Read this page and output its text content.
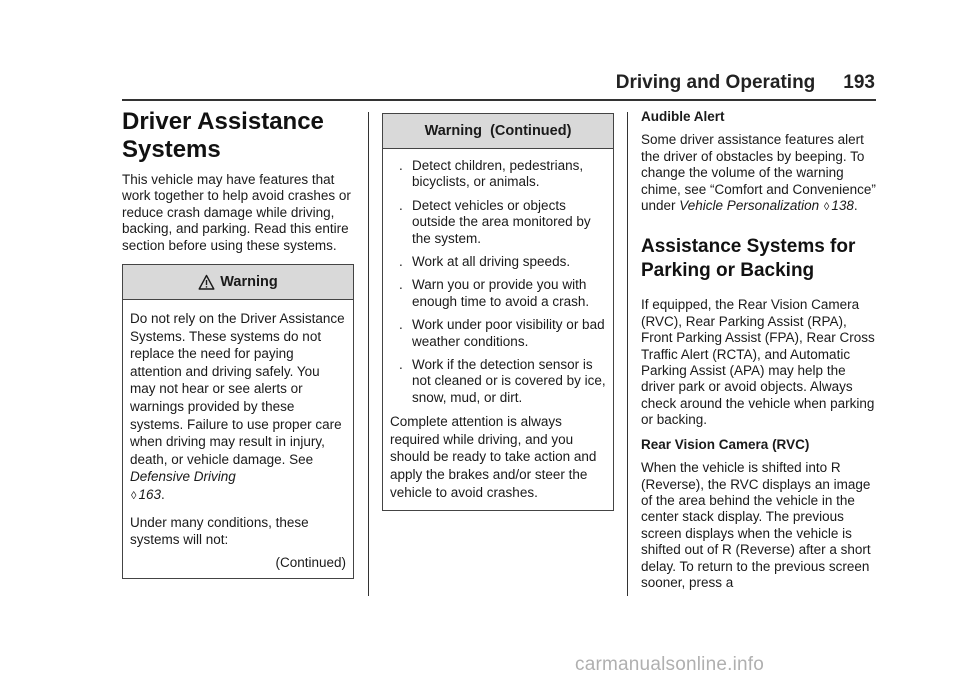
Driving and Operating 193
Driver Assistance
Systems

This vehicle may have features that work together to help avoid crashes or reduce crash damage while driving, backing, and parking. Read this entire section before using these systems.

Warning

Do not rely on the Driver Assistance Systems. These systems do not replace the need for paying attention and driving safely. You may not hear or see alerts or warnings provided by these systems. Failure to use proper care when driving may result in injury, death, or vehicle damage. See Defensive Driving
◊ 163.

Under many conditions, these systems will not:

(Continued)
Warning  (Continued)
. Detect children, pedestrians, bicyclists, or animals.
. Detect vehicles or objects outside the area monitored by the system.
. Work at all driving speeds.
. Warn you or provide you with enough time to avoid a crash.
. Work under poor visibility or bad weather conditions.
. Work if the detection sensor is not cleaned or is covered by ice, snow, mud, or dirt.

Complete attention is always required while driving, and you should be ready to take action and apply the brakes and/or steer the vehicle to avoid crashes.

Audible Alert

Some driver assistance features alert the driver of obstacles by beeping. To change the volume of the warning chime, see “Comfort and Convenience” under Vehicle Personalization ◊ 138.

Assistance Systems for
Parking or Backing

If equipped, the Rear Vision Camera (RVC), Rear Parking Assist (RPA), Front Parking Assist (FPA), Rear Cross Traffic Alert (RCTA), and Automatic Parking Assist (APA) may help the driver park or avoid objects. Always check around the vehicle when parking or backing.

Rear Vision Camera (RVC)

When the vehicle is shifted into R (Reverse), the RVC displays an image of the area behind the vehicle in the center stack display. The previous screen displays when the vehicle is shifted out of R (Reverse) after a short delay. To return to the previous screen sooner, press a

carmanualsonline.info
